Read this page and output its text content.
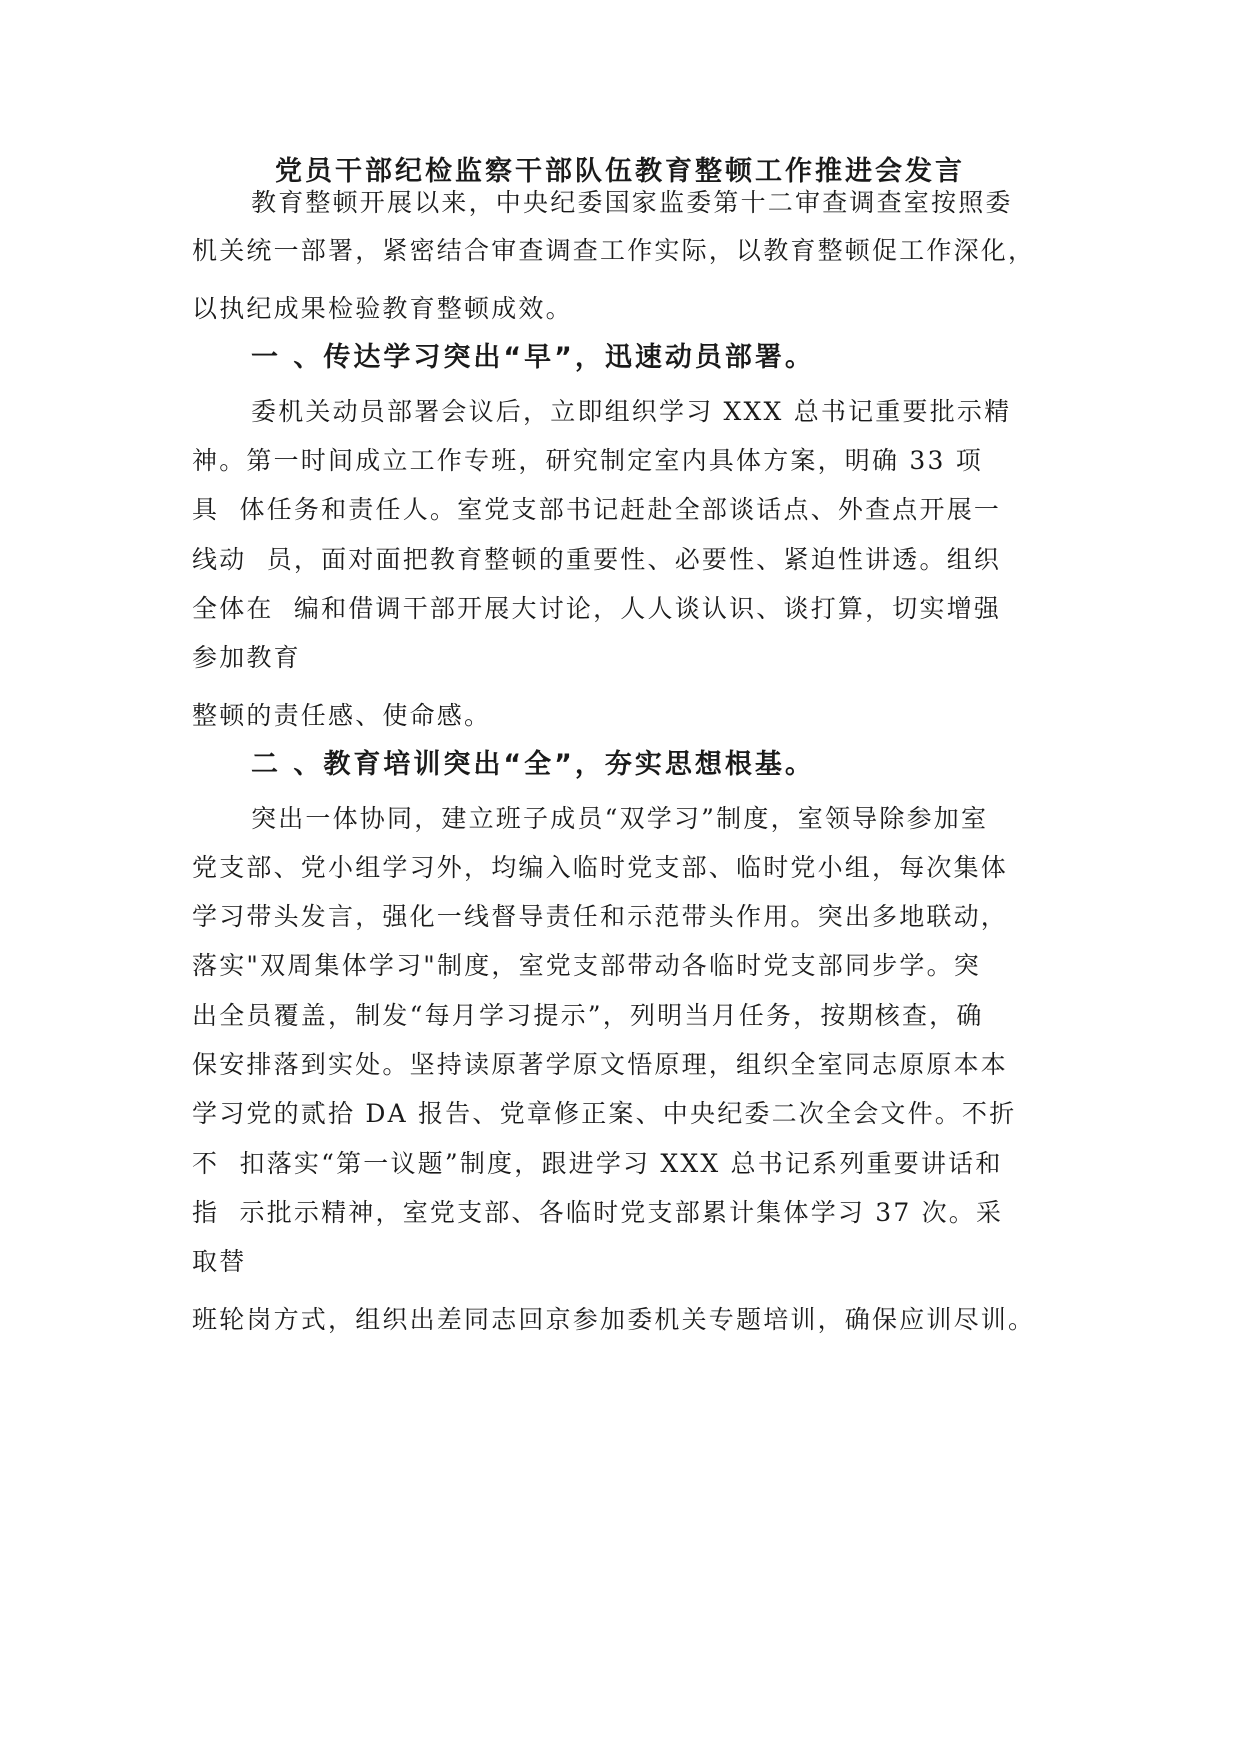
党员干部纪检监察干部队伍教育整顿工作推进会发言

教育整顿开展以来，中央纪委国家监委第十二审查调查室按照委

机关统一部署，紧密结合审查调查工作实际，以教育整顿促工作深化，

以执纪成果检验教育整顿成效。

一 、传达学习突出“早”，迅速动员部署。

委机关动员部署会议后，立即组织学习 XXX 总书记重要批示精

神。第一时间成立工作专班，研究制定室内具体方案，明确 33 项

具  体任务和责任人。室党支部书记赶赴全部谈话点、外查点开展一

线动  员，面对面把教育整顿的重要性、必要性、紧迫性讲透。组织

全体在  编和借调干部开展大讨论，人人谈认识、谈打算，切实增强

参加教育

整顿的责任感、使命感。

二 、教育培训突出“全”，夯实思想根基。

突出一体协同，建立班子成员“双学习”制度，室领导除参加室

党支部、党小组学习外，均编入临时党支部、临时党小组，每次集体

学习带头发言，强化一线督导责任和示范带头作用。突出多地联动，

落实"双周集体学习"制度，室党支部带动各临时党支部同步学。突

出全员覆盖，制发“每月学习提示”，列明当月任务，按期核查，确

保安排落到实处。坚持读原著学原文悟原理，组织全室同志原原本本

学习党的贰拾 DA 报告、党章修正案、中央纪委二次全会文件。不折

不  扣落实“第一议题”制度，跟进学习 XXX 总书记系列重要讲话和

指  示批示精神，室党支部、各临时党支部累计集体学习 37 次。采

取替

班轮岗方式，组织出差同志回京参加委机关专题培训，确保应训尽训。
